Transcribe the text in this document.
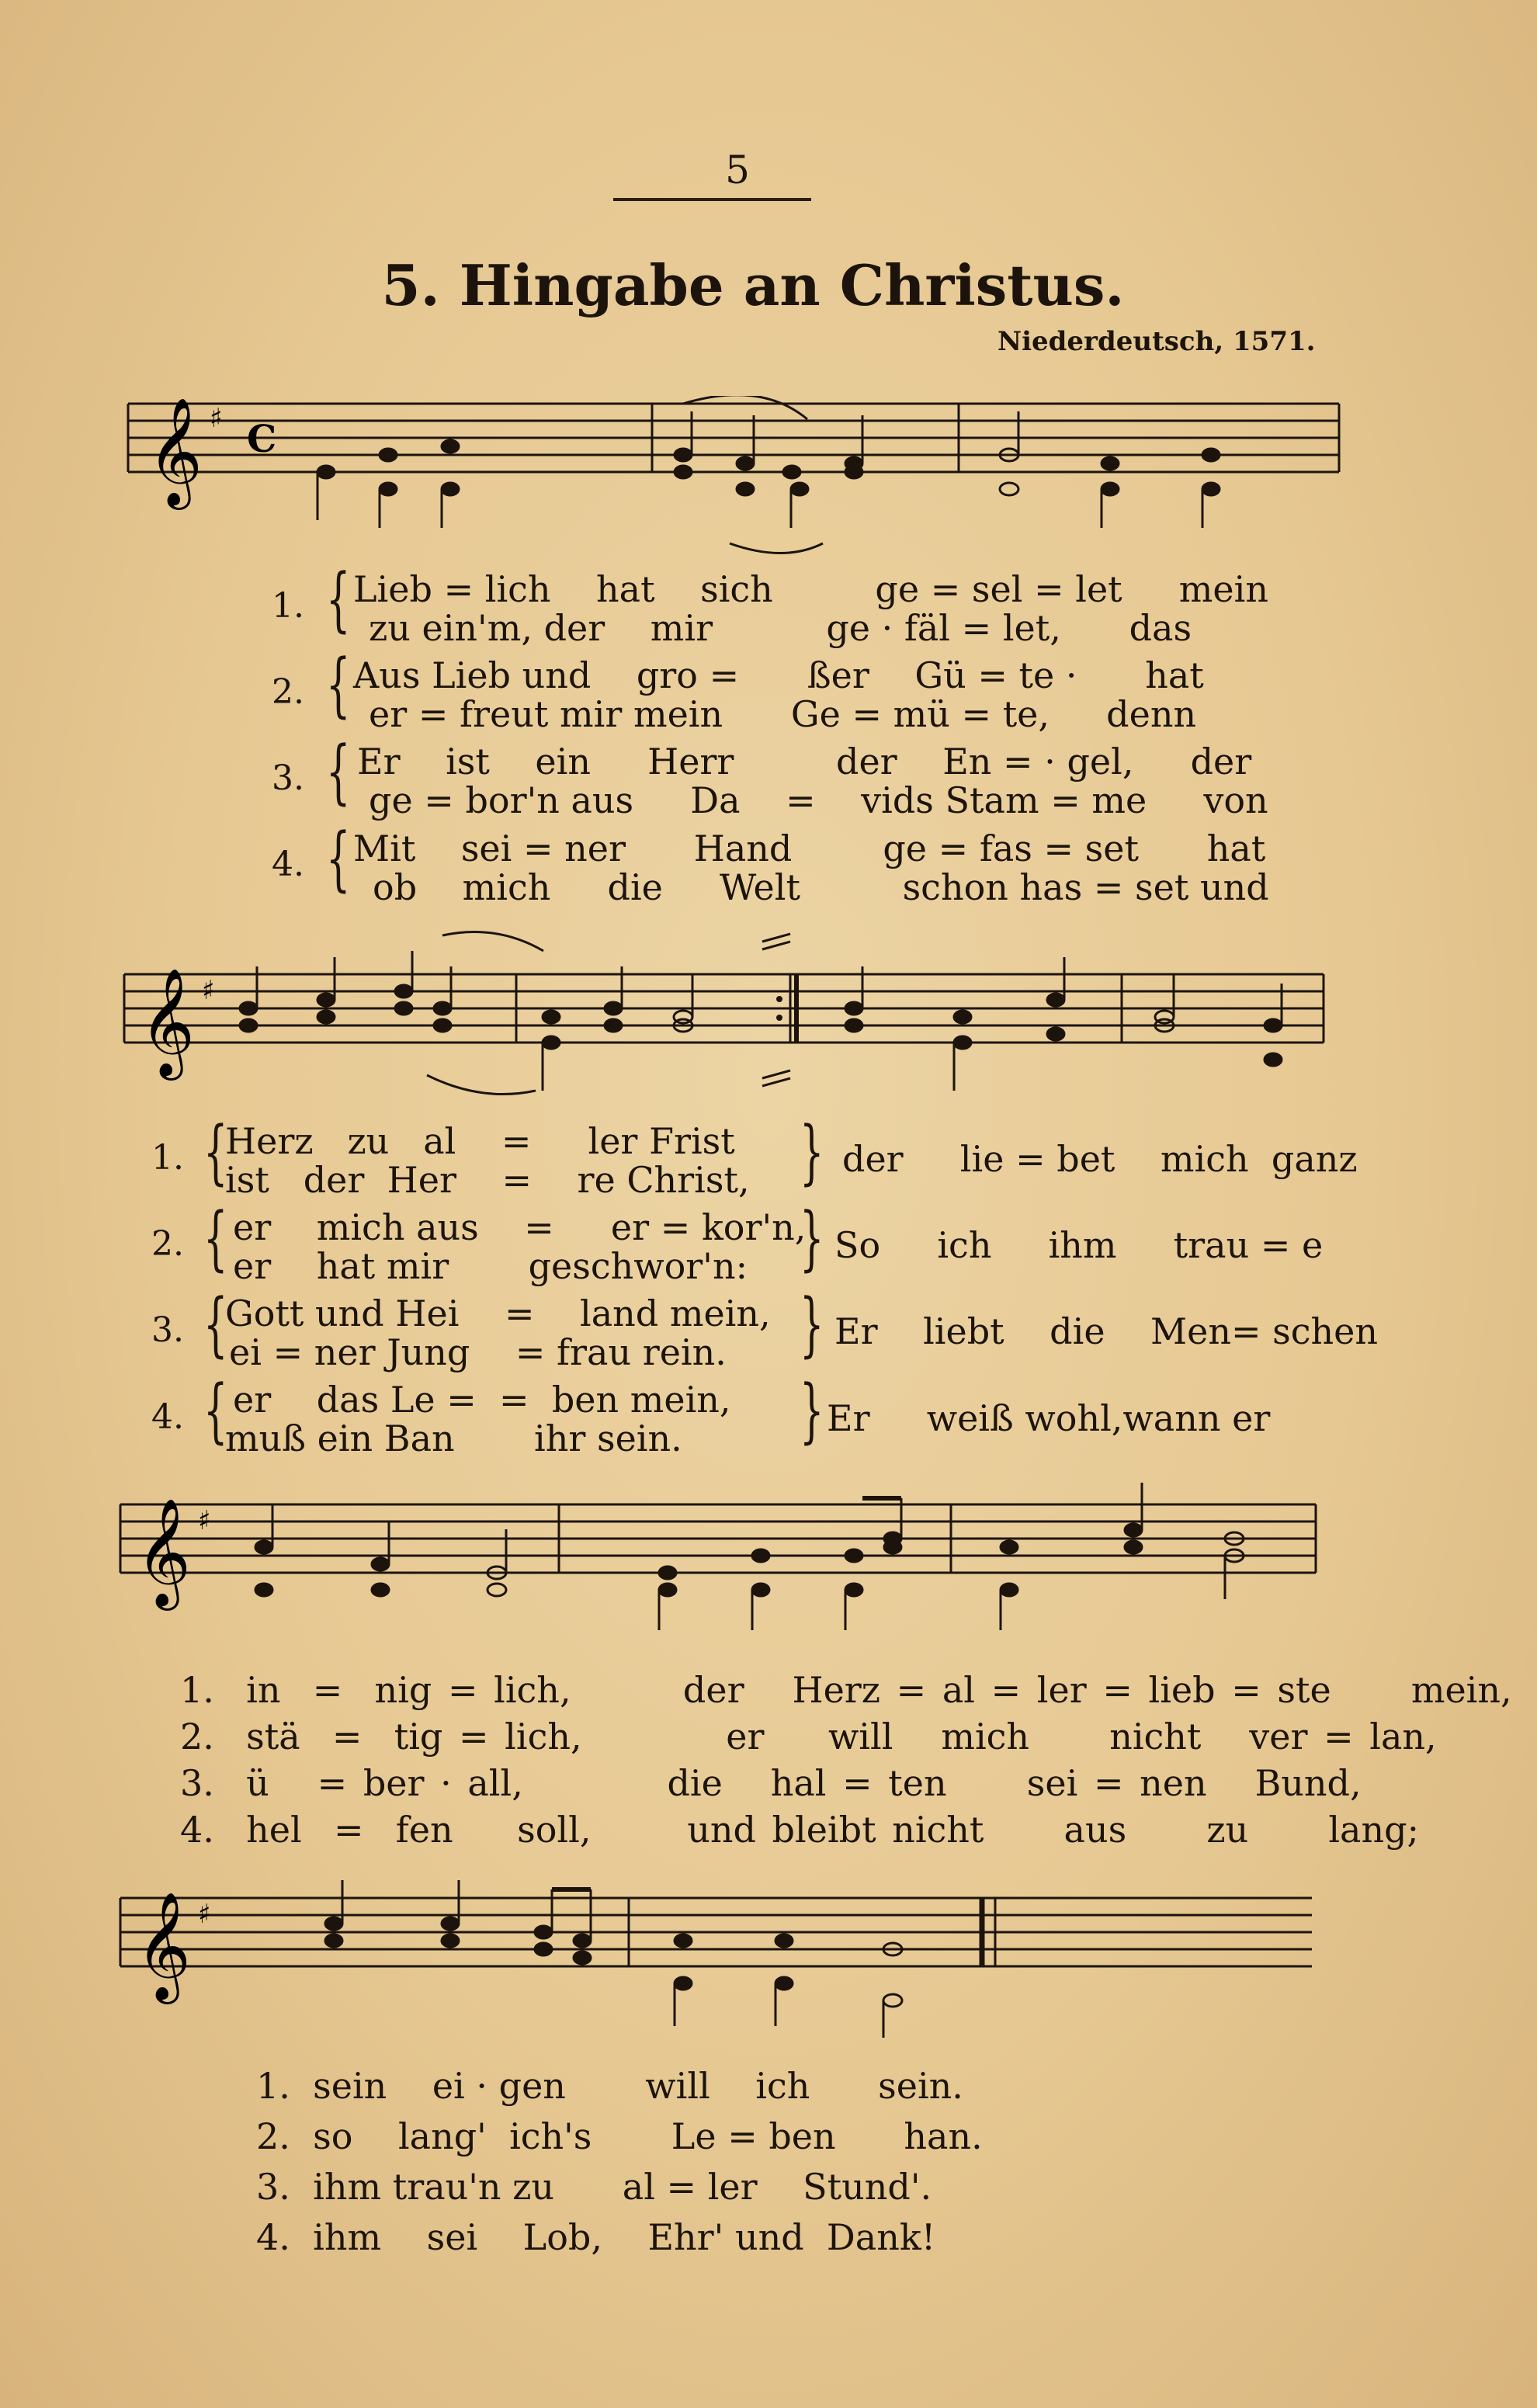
5
5. Hingabe an Christus.
Niederdeutsch, 1571.
𝄞 ♯ C
1. { Lieb = lich hat sich	ge = sel = let mein
zu ein'm, der mir	ge · fäl = let, das
2. { Aus Lieb und gro = ßer Gü = te · hat
er = freut mir mein Ge = mü = te, denn
3. { Er ist ein Herr	der En = · gel, der
ge = bor'n aus Da = vids Stam = me von
4. { Mit sei = ner Hand	ge = fas = set hat
ob mich die Welt	schon has = set und
𝄞 ♯
1. {
Herz zu al = ler Frist
ist der Her = re Christ, } der lie = bet mich ganz
2. { er mich aus = er = kor'n,
er hat mir geschwor'n: } So ich ihm trau = e
3. {
Gott und Hei = land mein,
ei = ner Jung = frau rein. } Er liebt die Men= schen
4. { er das Le = = ben mein,
muß ein Ban ihr sein. } Er weiß wohl,wann er
𝄞 ♯
1. in = nig = lich,	der Herz = al = ler = lieb = ste mein,
2. stä = tig = lich,	er will mich nicht ver = lan,
3. ü = ber · all,	die hal = ten sei = nen Bund,
4. hel = fen soll,	und bleibt nicht aus zu lang;
𝄞 ♯
1. sein ei · gen will ich sein.
2. so lang' ich's Le = ben han.
3. ihm trau'n zu al = ler Stund'.
4. ihm sei Lob, Ehr' und Dank!
